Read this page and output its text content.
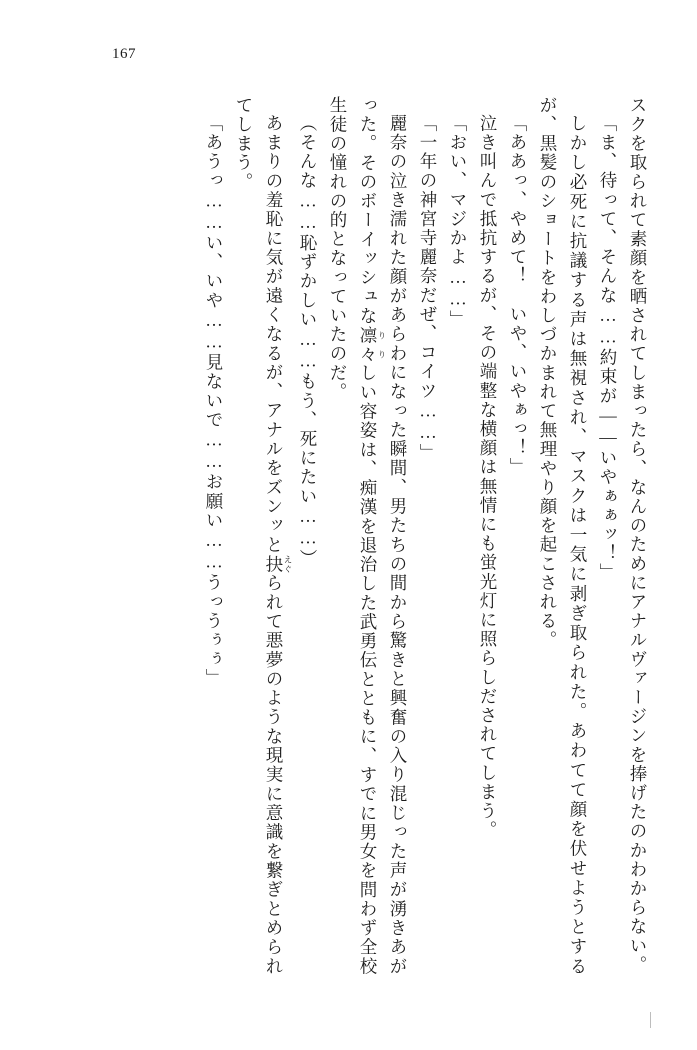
167

スクを取られて素顔を晒されてしまったら、なんのためにアナルヴァージンを捧げたのかわからない。

「ま、待って、そんな……約束が――いやぁぁッ！」

しかし必死に抗議する声は無視され、マスクは一気に剥ぎ取られた。あわてて顔を伏せようとするが、黒髪のショートをわしづかまれて無理やり顔を起こされる。

「ああっ、やめて！　いや、いやぁっ！」

泣き叫んで抵抗するが、その端整な横顔は無情にも蛍光灯に照らしだされてしまう。

「おい、マジかよ……」

「一年の神宮寺麗奈だぜ、コイツ……」

麗奈の泣き濡れた顔があらわになった瞬間、男たちの間から驚きと興奮の入り混じった声が湧きあがった。そのボーイッシュな凛々 りりしい容姿は、痴漢を退治した武勇伝とともに、すでに男女を問わず全校生徒の憧れの的となっていたのだ。

（そんな……恥ずかしい……もう、死にたい……）

あまりの羞恥に気が遠くなるが、アナルをズンッと抉 えぐられて悪夢のような現実に意識を繋ぎとめられてしまう。

「あうっ……い、いや……見ないで……お願い……うっうぅぅ」
